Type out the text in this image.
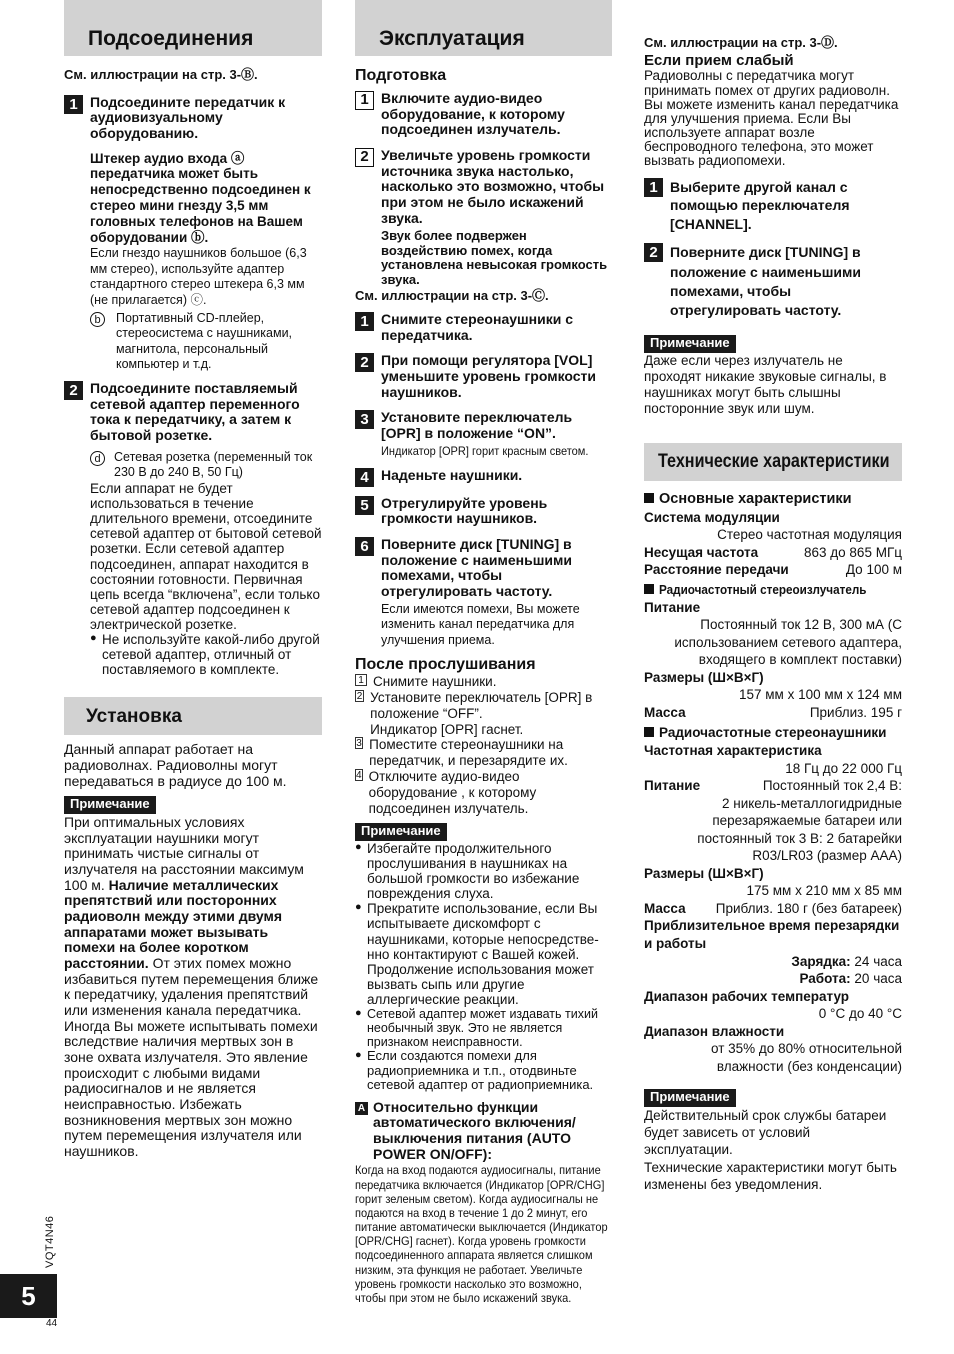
Подсоединения

См. иллюстрации на стр. 3-Ⓑ.

1 Подсоедините передатчик к аудиовизуальному оборудованию.

Штекер аудио входа ⓐ передатчика может быть непосредственно подсоединен к стерео мини гнезду 3,5 мм головных телефонов на Вашем оборудовании ⓑ.

Если гнездо наушников большое (6,3 мм стерео), используйте адаптер стандартного стерео штекера 6,3 мм (не прилагается) ⓒ.

b	Портативный CD-плейер, стереосистема с наушниками, магнитола, персональный компьютер и т.д.
2 Подсоедините поставляемый сетевой адаптер переменного тока к передатчику, а затем к бытовой розетке.

d	Сетевая розетка (переменный ток 230 В до 240 В, 50 Гц)

Если аппарат не будет использоваться в течение длительного времени, отсоедините сетевой адаптер от бытовой сетевой розетки. Если сетевой адаптер подсоединен, аппарат находится в состоянии готовности. Первичная цепь всегда “включена”, если только сетевой адаптер подсоединен к электрической розетке.

● Не используйте какой-либо другой сетевой адаптер, отличный от поставляемого в комплекте.

Установка

Данный аппарат работает на радиоволнах. Радиоволны могут передаваться в радиусе до 100 м.

Примечание

При оптимальных условиях эксплуатации наушники могут принимать чистые сигналы от излучателя на расстоянии максимум 100 м. Наличие металлических препятствий или посторонних радиоволн между этими двумя аппаратами может вызывать помехи на более коротком расстоянии. От этих помех можно избавиться путем перемещения ближе к передатчику, удаления препятствий или изменения канала передатчика. Иногда Вы можете испытывать помехи вследствие наличия мертвых зон в зоне охвата излучателя. Это явление происходит с любыми видами радиосигналов и не является неисправностью. Избежать возникновения мертвых зон можно путем перемещения излучателя или наушников.

Эксплуатация

Подготовка

1 Включите аудио-видео оборудование, к которому подсоединен излучатель.

2 Увеличьте уровень громкости источника звука настолько, насколько это возможно, чтобы при этом не было искажений звука.

Звук более подвержен воздействию помех, когда установлена невысокая громкость звука.

См. иллюстрации на стр. 3-Ⓒ.

1 Снимите стереонаушники с передатчика.

2 При помощи регулятора [VOL] уменьшите уровень громкости наушников.

3 Установите переключатель [OPR] в положение “ON”.

Индикатор [OPR] горит красным светом.

4 Наденьте наушники.

5 Отрегулируйте уровень громкости наушников.

6 Поверните диск [TUNING] в положение с наименьшими помехами, чтобы отрегулировать частоту.

Если имеются помехи, Вы можете изменить канал передатчика для улучшения приема.

После прослушивания

1 Снимите наушники.
2 Установите переключатель [OPR] в положение “OFF”.
Индикатор [OPR] гаснет.
3 Поместите стереонаушники на передатчик, и перезарядите их.
4 Отключите аудио-видео оборудование , к которому подсоединен излучатель.
Примечание

● Избегайте продолжительного прослушивания в наушниках на большой громкости во избежание повреждения слуха.

● Прекратите использование, если Вы испытываете дискомфорт с наушниками, которые непосредстве-нно контактируют с Вашей кожей. Продолжение использования может вызвать сыпь или другие аллергические реакции.

● Сетевой адаптер может издавать тихий необычный звук. Это не является признаком неисправности.

● Если создаются помехи для радиоприемника и т.п., отодвиньте сетевой адаптер от радиоприемника.

A Относительно функции автоматического включения/ выключения питания (AUTO POWER ON/OFF):

Когда на вход подаются аудиосигналы, питание передатчика включается (Индикатор [OPR/CHG] горит зеленым светом). Когда аудиосигналы не подаются на вход в течение 1 до 2 минут, его питание автоматически выключается (Индикатор [OPR/CHG] гаснет). Когда уровень громкости подсоединенного аппарата является слишком низким, эта функция не работает. Увеличьте уровень громкости насколько это возможно, чтобы при этом не было искажений звука.

См. иллюстрации на стр. 3-Ⓓ.

Если прием слабый

Радиоволны с передатчика могут принимать помех от других радиоволн. Вы можете изменить канал передатчика для улучшения приема. Если Вы используете аппарат возле беспроводного телефона, это может вызвать радиопомехи.

1 Выберите другой канал с помощью переключателя [CHANNEL].

2 Поверните диск [TUNING] в положение с наименьшими помехами, чтобы отрегулировать частоту.

Примечание

Даже если через излучатель не проходят никакие звуковые сигналы, в наушниках могут быть слышны посторонние звук или шум.

Технические характеристики
Основные характеристики
Система модуляции
Стерео частотная модуляция
Несущая частота	863 до 865 МГц
Расстояние передачи	До 100 м
Радиочастотный стереоизлучатель
Питание
Постоянный ток 12 В, 300 мА (С использованием сетевого адаптера, входящего в комплект поставки)
Размеры (Ш×В×Г)
157 мм x 100 мм x 124 мм
Масса	Приблиз. 195 г
Радиочастотные стереонаушники
Частотная характеристика
18 Гц до 22 000 Гц
Питание	Постоянный ток 2,4 В:
2 никель-металлогидридные перезаряжаемые батареи или постоянный ток 3 В: 2 батарейки R03/LR03 (размер AAA)
Размеры (Ш×В×Г)
175 мм x 210 мм x 85 мм
Масса Приблиз. 180 г (без батареек)
Приблизительное время перезарядки и работы
Зарядка: 24 часа
Работа: 20 часа
Диапазон рабочих температур
0 °C до 40 °C
Диапазон влажности
от 35% до 80% относительной влажности (без конденсации)
Примечание

Действительный срок службы батареи будет зависеть от условий эксплуатации.

Технические характеристики могут быть изменены без уведомления.

VQT4N46
5
44
